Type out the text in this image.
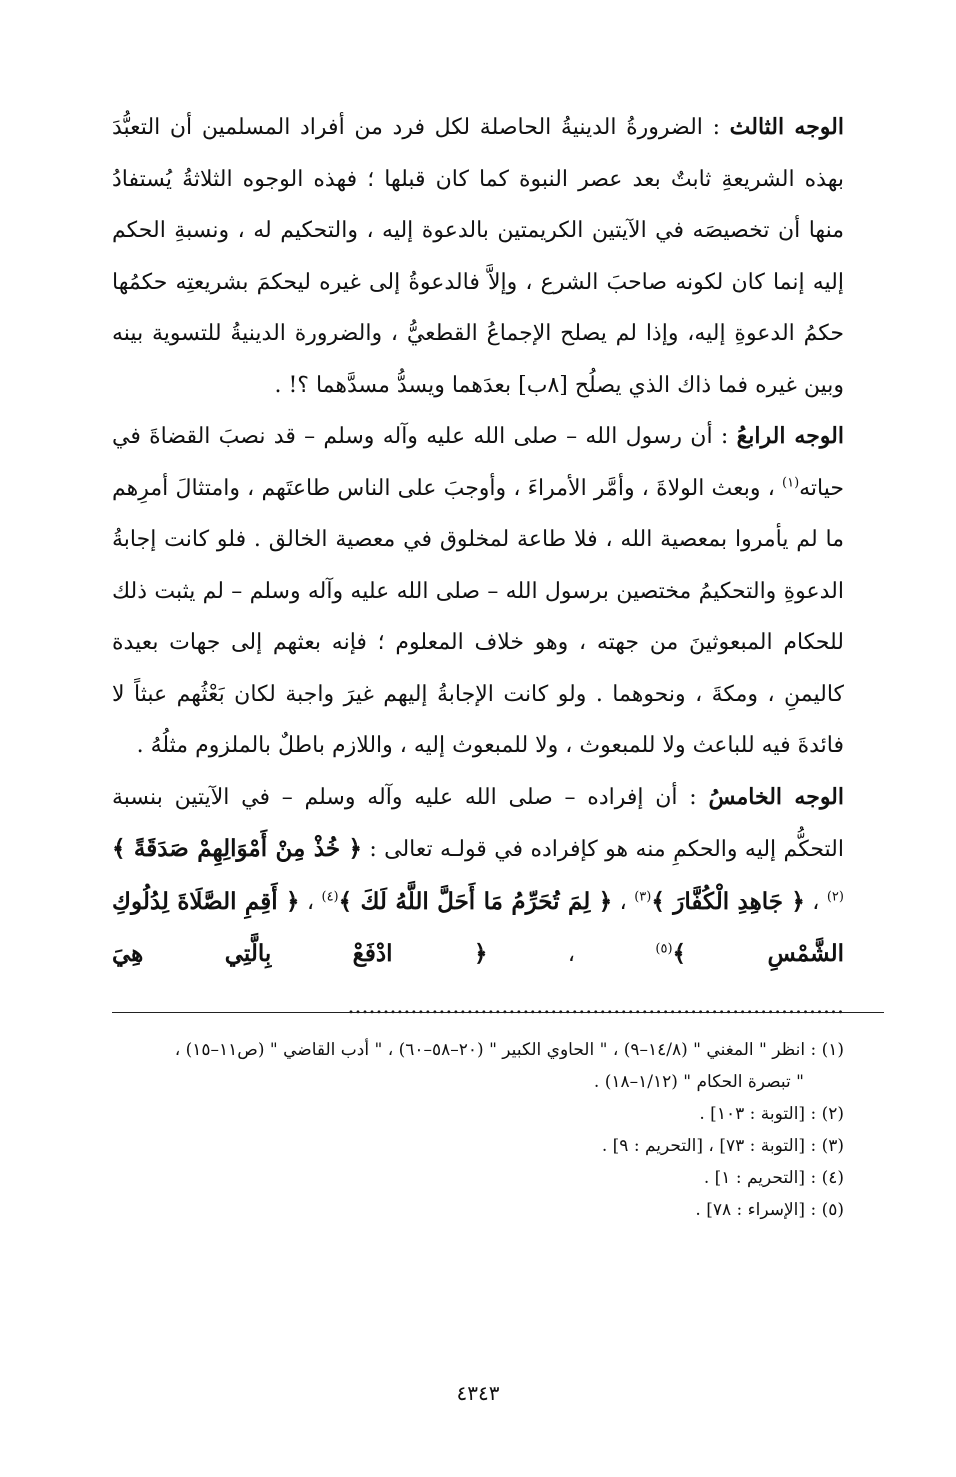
الوجه الثالث : الضرورةُ الدينيةُ الحاصلة لكل فرد من أفراد المسلمين أن التعبُّدَ بهذه الشريعةِ ثابتٌ بعد عصر النبوة كما كان قبلها ؛ فهذه الوجوه الثلاثةُ يُستفادُ منها أن تخصيصَه في الآيتين الكريمتين بالدعوة إليه ، والتحكيم له ، ونسبةِ الحكم إليه إنما كان لكونه صاحبَ الشرع ، وإلاَّ فالدعوةُ إلى غيره ليحكمَ بشريعتِه حكمُها حكمُ الدعوةِ إليه، وإذا لم يصلح الإجماعُ القطعيُّ ، والضرورة الدينيةُ للتسوية بينه وبين غيره فما ذاك الذي يصلُح [٨ب] بعدَهما ويسدُّ مسدَّهما ؟! .

الوجه الرابعُ : أن رسول الله – صلى الله عليه وآله وسلم – قد نصبَ القضاةَ في حياته$^{(١)}$ ، وبعث الولاةَ ، وأمَّر الأمراءَ ، وأوجبَ على الناس طاعتَهم ، وامتثالَ أمرِهم ما لم يأمروا بمعصية الله ، فلا طاعة لمخلوق في معصية الخالق . فلو كانت إجابةُ الدعوةِ والتحكيمُ مختصين برسول الله – صلى الله عليه وآله وسلم – لم يثبت ذلك للحكام المبعوثينَ من جهته ، وهو خلاف المعلوم ؛ فإنه بعثهم إلى جهات بعيدة كاليمنِ ، ومكةَ ، ونحوهما . ولو كانت الإجابةُ إليهم غيرَ واجبة لكان بَعْثُهم عبثاً لا فائدةَ فيه للباعث ولا للمبعوث ، ولا للمبعوث إليه ، واللازم باطلٌ بالملزوم مثلُهُ .

الوجه الخامسُ : أن إفراده – صلى الله عليه وآله وسلم – في الآيتين بنسبة التحكُّم إليه والحكمِ منه هو كإفراده في قولـه تعالى : ﴿ خُذْ مِنْ أَمْوَالِهِمْ صَدَقَةً ﴾$^{(٢)}$ ، ﴿ جَاهِدِ الْكُفَّارَ ﴾$^{(٣)}$ ، ﴿ لِمَ تُحَرِّمُ مَا أَحَلَّ اللَّهُ لَكَ ﴾$^{(٤)}$ ، ﴿ أَقِمِ الصَّلَاةَ لِدُلُوكِ الشَّمْسِ ﴾$^{(٥)}$ ، ﴿ ادْفَعْ بِالَّتِي هِيَ .......................................................................

(١) : انظر " المغني " (١٤/٨–٩) ، " الحاوي الكبير " (٢٠–٥٨–٦٠) ، " أدب القاضي " (ص١١–١٥) ،

" تبصرة الحكام " (١/١٢–١٨) .

(٢) : [التوبة : ١٠٣] .

(٣) : [التوبة : ٧٣] ، [التحريم : ٩] .

(٤) : [التحريم : ١] .

(٥) : [الإسراء : ٧٨] .

٤٣٤٣
